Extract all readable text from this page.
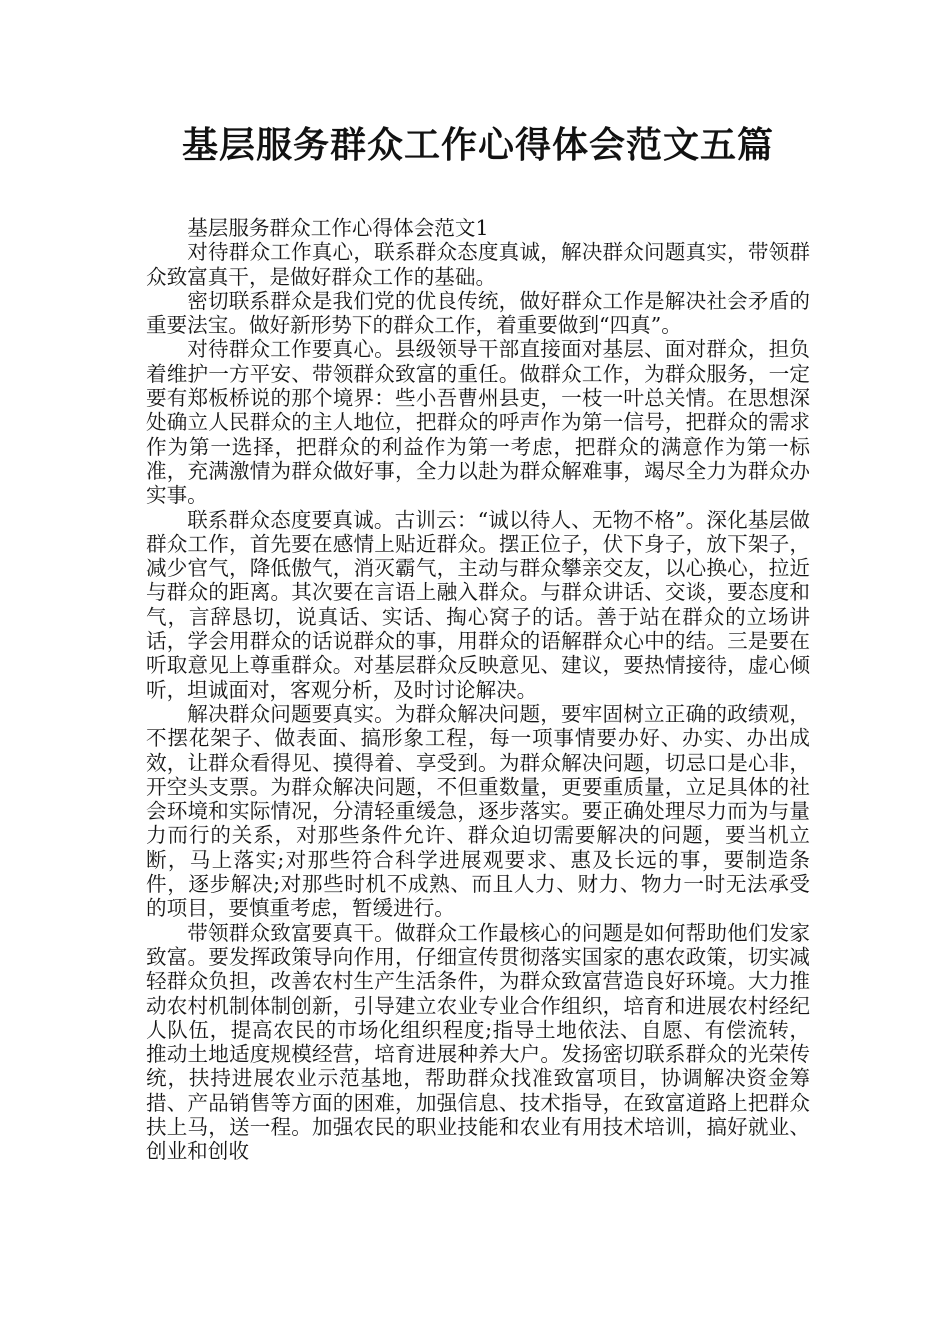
基层服务群众工作心得体会范文五篇

基层服务群众工作心得体会范文1

对待群众工作真心，联系群众态度真诚，解决群众问题真实，带领群众致富真干，是做好群众工作的基础。

密切联系群众是我们党的优良传统，做好群众工作是解决社会矛盾的重要法宝。做好新形势下的群众工作，着重要做到“四真”。

对待群众工作要真心。县级领导干部直接面对基层、面对群众，担负着维护一方平安、带领群众致富的重任。做群众工作，为群众服务，一定要有郑板桥说的那个境界：些小吾曹州县吏，一枝一叶总关情。在思想深处确立人民群众的主人地位，把群众的呼声作为第一信号，把群众的需求作为第一选择，把群众的利益作为第一考虑，把群众的满意作为第一标准，充满激情为群众做好事，全力以赴为群众解难事，竭尽全力为群众办实事。

联系群众态度要真诚。古训云：“诚以待人、无物不格”。深化基层做群众工作，首先要在感情上贴近群众。摆正位子，伏下身子，放下架子，减少官气，降低傲气，消灭霸气，主动与群众攀亲交友，以心换心，拉近与群众的距离。其次要在言语上融入群众。与群众讲话、交谈，要态度和气，言辞恳切，说真话、实话、掏心窝子的话。善于站在群众的立场讲话，学会用群众的话说群众的事，用群众的语解群众心中的结。三是要在听取意见上尊重群众。对基层群众反映意见、建议，要热情接待，虚心倾听，坦诚面对，客观分析，及时讨论解决。

解决群众问题要真实。为群众解决问题，要牢固树立正确的政绩观，不摆花架子、做表面、搞形象工程，每一项事情要办好、办实、办出成效，让群众看得见、摸得着、享受到。为群众解决问题，切忌口是心非，开空头支票。为群众解决问题，不但重数量，更要重质量，立足具体的社会环境和实际情况，分清轻重缓急，逐步落实。要正确处理尽力而为与量力而行的关系，对那些条件允许、群众迫切需要解决的问题，要当机立断，马上落实;对那些符合科学进展观要求、惠及长远的事，要制造条件，逐步解决;对那些时机不成熟、而且人力、财力、物力一时无法承受的项目，要慎重考虑，暂缓进行。

带领群众致富要真干。做群众工作最核心的问题是如何帮助他们发家致富。要发挥政策导向作用，仔细宣传贯彻落实国家的惠农政策，切实减轻群众负担，改善农村生产生活条件，为群众致富营造良好环境。大力推动农村机制体制创新，引导建立农业专业合作组织，培育和进展农村经纪人队伍，提高农民的市场化组织程度;指导土地依法、自愿、有偿流转，推动土地适度规模经营，培育进展种养大户。发扬密切联系群众的光荣传统，扶持进展农业示范基地，帮助群众找准致富项目，协调解决资金筹措、产品销售等方面的困难，加强信息、技术指导，在致富道路上把群众扶上马，送一程。加强农民的职业技能和农业有用技术培训，搞好就业、创业和创收
